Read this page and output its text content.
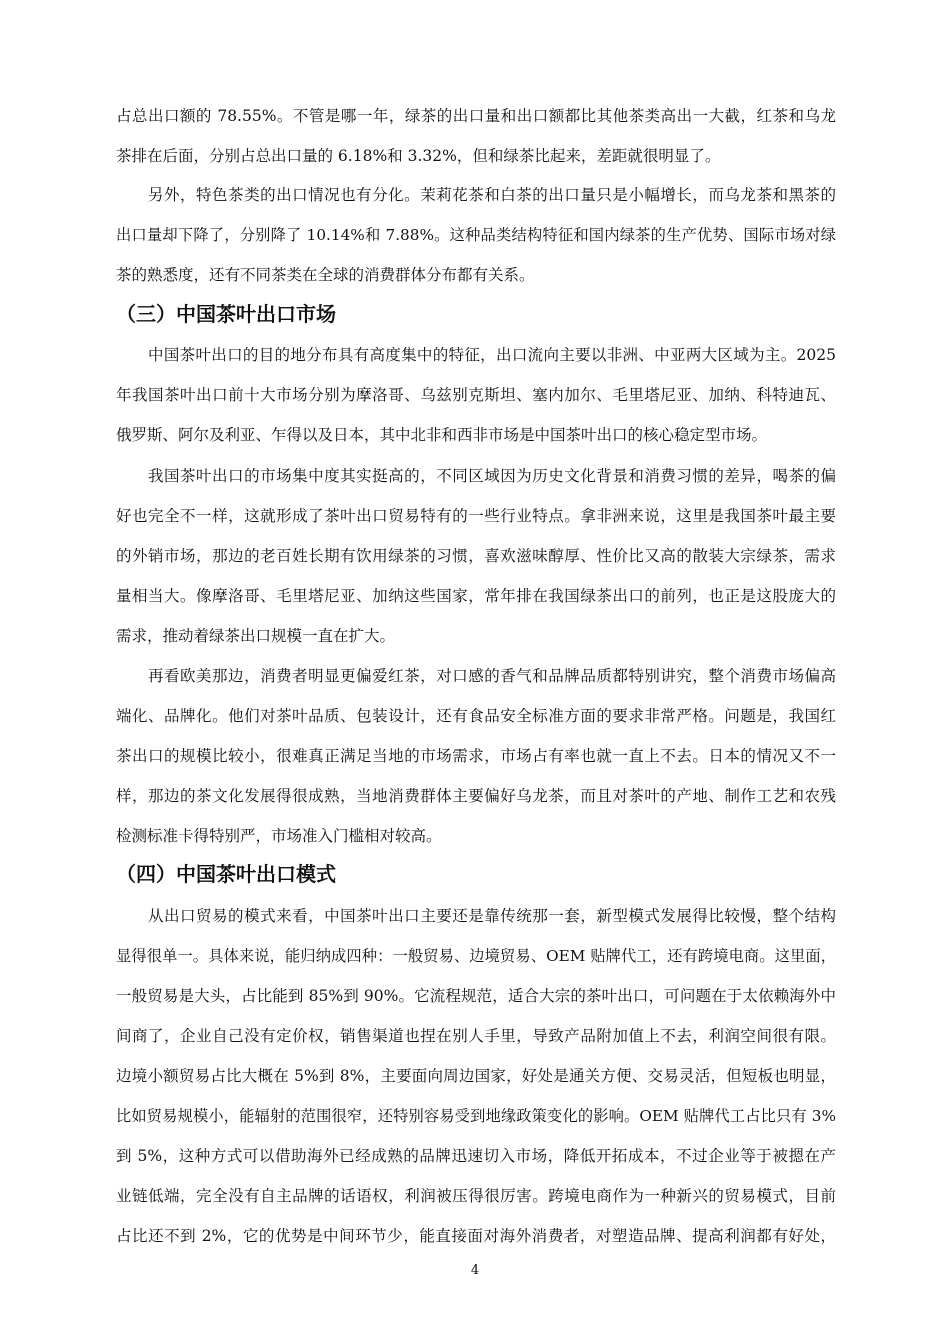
占总出口额的 78.55%。不管是哪一年，绿茶的出口量和出口额都比其他茶类高出一大截，红茶和乌龙
茶排在后面，分别占总出口量的 6.18%和 3.32%，但和绿茶比起来，差距就很明显了。
另外，特色茶类的出口情况也有分化。茉莉花茶和白茶的出口量只是小幅增长，而乌龙茶和黑茶的
出口量却下降了，分别降了 10.14%和 7.88%。这种品类结构特征和国内绿茶的生产优势、国际市场对绿
茶的熟悉度，还有不同茶类在全球的消费群体分布都有关系。
（三）中国茶叶出口市场
中国茶叶出口的目的地分布具有高度集中的特征，出口流向主要以非洲、中亚两大区域为主。2025
年我国茶叶出口前十大市场分别为摩洛哥、乌兹别克斯坦、塞内加尔、毛里塔尼亚、加纳、科特迪瓦、
俄罗斯、阿尔及利亚、乍得以及日本，其中北非和西非市场是中国茶叶出口的核心稳定型市场。
我国茶叶出口的市场集中度其实挺高的，不同区域因为历史文化背景和消费习惯的差异，喝茶的偏
好也完全不一样，这就形成了茶叶出口贸易特有的一些行业特点。拿非洲来说，这里是我国茶叶最主要
的外销市场，那边的老百姓长期有饮用绿茶的习惯，喜欢滋味醇厚、性价比又高的散装大宗绿茶，需求
量相当大。像摩洛哥、毛里塔尼亚、加纳这些国家，常年排在我国绿茶出口的前列，也正是这股庞大的
需求，推动着绿茶出口规模一直在扩大。
再看欧美那边，消费者明显更偏爱红茶，对口感的香气和品牌品质都特别讲究，整个消费市场偏高
端化、品牌化。他们对茶叶品质、包装设计，还有食品安全标准方面的要求非常严格。问题是，我国红
茶出口的规模比较小，很难真正满足当地的市场需求，市场占有率也就一直上不去。日本的情况又不一
样，那边的茶文化发展得很成熟，当地消费群体主要偏好乌龙茶，而且对茶叶的产地、制作工艺和农残
检测标准卡得特别严，市场准入门槛相对较高。
（四）中国茶叶出口模式
从出口贸易的模式来看，中国茶叶出口主要还是靠传统那一套，新型模式发展得比较慢，整个结构
显得很单一。具体来说，能归纳成四种：一般贸易、边境贸易、OEM 贴牌代工，还有跨境电商。这里面，
一般贸易是大头，占比能到 85%到 90%。它流程规范，适合大宗的茶叶出口，可问题在于太依赖海外中
间商了，企业自己没有定价权，销售渠道也捏在别人手里，导致产品附加值上不去，利润空间很有限。
边境小额贸易占比大概在 5%到 8%，主要面向周边国家，好处是通关方便、交易灵活，但短板也明显，
比如贸易规模小，能辐射的范围很窄，还特别容易受到地缘政策变化的影响。OEM 贴牌代工占比只有 3%
到 5%，这种方式可以借助海外已经成熟的品牌迅速切入市场，降低开拓成本，不过企业等于被摁在产
业链低端，完全没有自主品牌的话语权，利润被压得很厉害。跨境电商作为一种新兴的贸易模式，目前
占比还不到 2%，它的优势是中间环节少，能直接面对海外消费者，对塑造品牌、提高利润都有好处，
4
